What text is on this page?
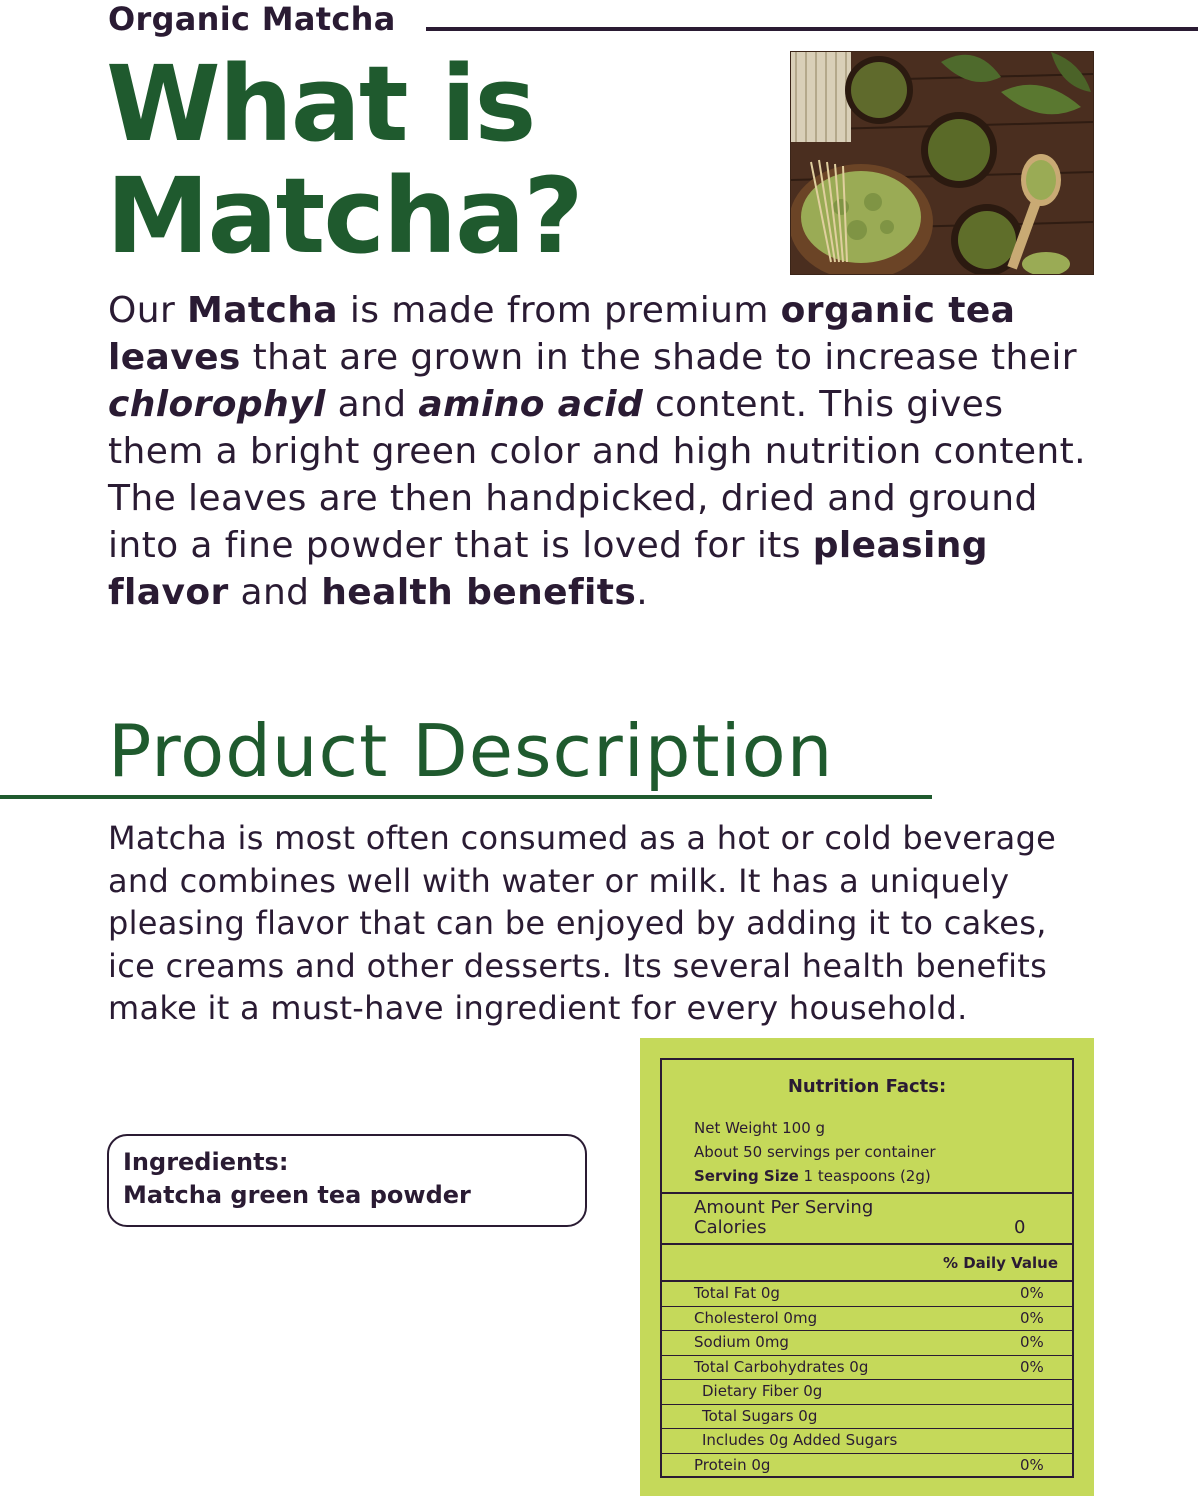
Organic Matcha
What is
Matcha?

Our Matcha is made from premium organic tea leaves that are grown in the shade to increase their chlorophyl and amino acid content. This gives them a bright green color and high nutrition content. The leaves are then handpicked, dried and ground into a fine powder that is loved for its pleasing flavor and health benefits.

Product Description

Matcha is most often consumed as a hot or cold beverage and combines well with water or milk. It has a uniquely pleasing flavor that can be enjoyed by adding it to cakes, ice creams and other desserts. Its several health benefits make it a must-have ingredient for every household.

Ingredients:
Matcha green tea powder
Nutrition Facts:
Net Weight 100 g
About 50 servings per container
Serving Size 1 teaspoons (2g)
Amount Per Serving
Calories	0
% Daily Value
Total Fat 0g	0%
Cholesterol 0mg	0%
Sodium 0mg	0%
Total Carbohydrates 0g	0%
Dietary Fiber 0g
Total Sugars 0g
Includes 0g Added Sugars
Protein 0g	0%
